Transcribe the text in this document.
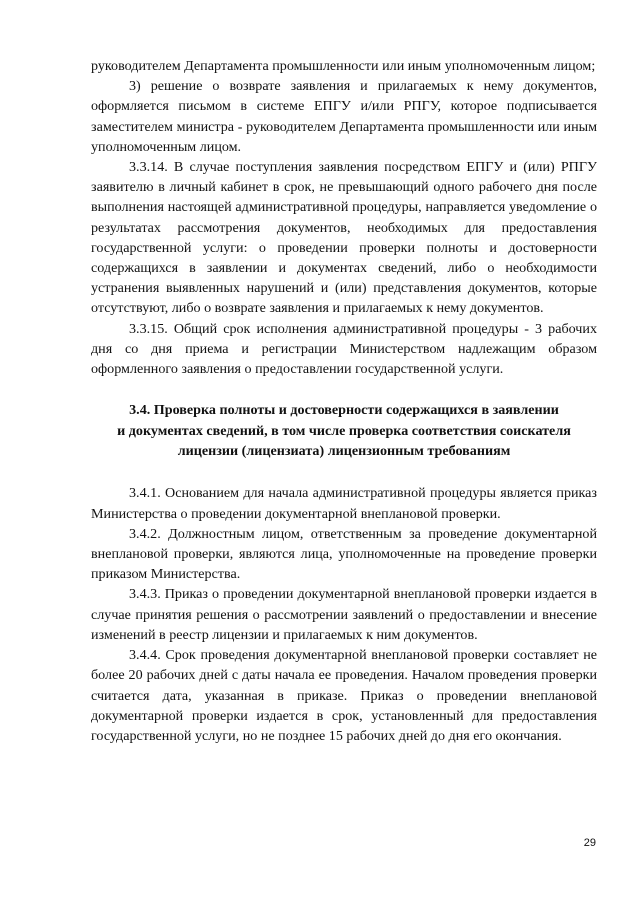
руководителем Департамента промышленности или иным уполномоченным лицом;

3) решение о возврате заявления и прилагаемых к нему документов, оформляется письмом в системе ЕПГУ и/или РПГУ, которое подписывается заместителем министра - руководителем Департамента промышленности или иным уполномоченным лицом.

3.3.14. В случае поступления заявления посредством ЕПГУ и (или) РПГУ заявителю в личный кабинет в срок, не превышающий одного рабочего дня после выполнения настоящей административной процедуры, направляется уведомление о результатах рассмотрения документов, необходимых для предоставления государственной услуги: о проведении проверки полноты и достоверности содержащихся в заявлении и документах сведений, либо о необходимости устранения выявленных нарушений и (или) представления документов, которые отсутствуют, либо о возврате заявления и прилагаемых к нему документов.

3.3.15. Общий срок исполнения административной процедуры - 3 рабочих дня со дня приема и регистрации Министерством надлежащим образом оформленного заявления о предоставлении государственной услуги.

3.4. Проверка полноты и достоверности содержащихся в заявлении
и документах сведений, в том числе проверка соответствия соискателя
лицензии (лицензиата) лицензионным требованиям

3.4.1. Основанием для начала административной процедуры является приказ Министерства о проведении документарной внеплановой проверки.

3.4.2. Должностным лицом, ответственным за проведение документарной внеплановой проверки, являются лица, уполномоченные на проведение проверки приказом Министерства.

3.4.3. Приказ о проведении документарной внеплановой проверки издается в случае принятия решения о рассмотрении заявлений о предоставлении и внесение изменений в реестр лицензии и прилагаемых к ним документов.

3.4.4. Срок проведения документарной внеплановой проверки составляет не более 20 рабочих дней с даты начала ее проведения. Началом проведения проверки считается дата, указанная в приказе. Приказ о проведении внеплановой документарной проверки издается в срок, установленный для предоставления государственной услуги, но не позднее 15 рабочих дней до дня его окончания.

29
